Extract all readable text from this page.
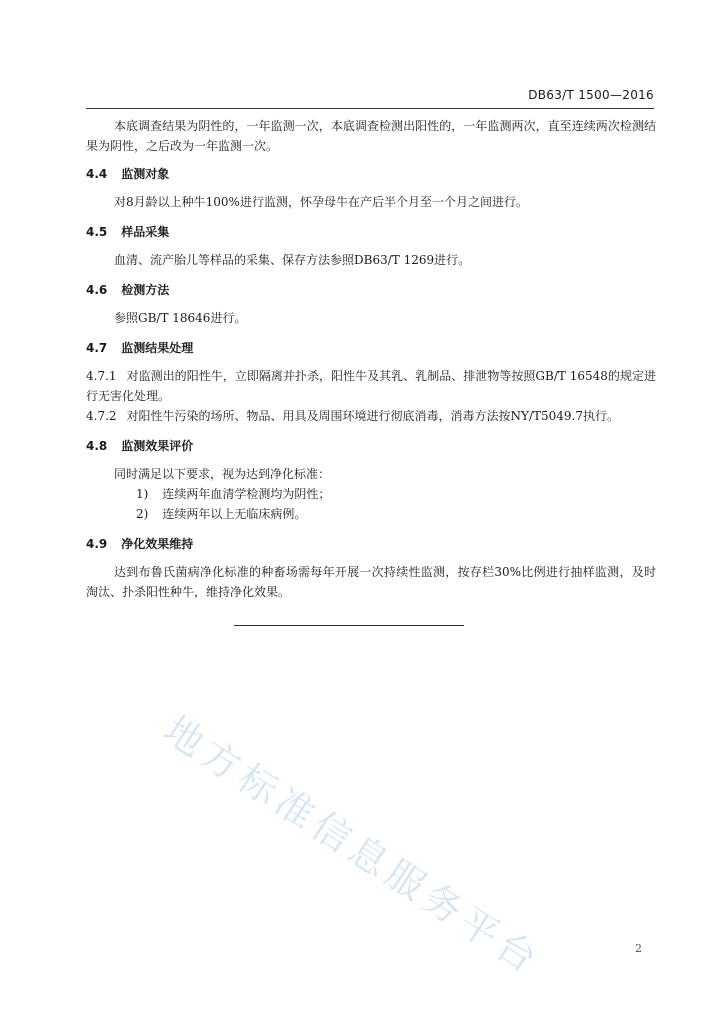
DB63/T 1500—2016

本底调查结果为阴性的，一年监测一次，本底调查检测出阳性的，一年监测两次，直至连续两次检测结果为阴性，之后改为一年监测一次。

4.4 监测对象

对8月龄以上种牛100%进行监测，怀孕母牛在产后半个月至一个月之间进行。

4.5 样品采集

血清、流产胎儿等样品的采集、保存方法参照DB63/T 1269进行。

4.6 检测方法

参照GB/T 18646进行。

4.7 监测结果处理

4.7.1 对监测出的阳性牛，立即隔离并扑杀，阳性牛及其乳、乳制品、排泄物等按照GB/T 16548的规定进行无害化处理。

4.7.2 对阳性牛污染的场所、物品、用具及周围环境进行彻底消毒，消毒方法按NY/T5049.7执行。

4.8 监测效果评价

同时满足以下要求，视为达到净化标准：

1) 连续两年血清学检测均为阴性；

2) 连续两年以上无临床病例。

4.9 净化效果维持

达到布鲁氏菌病净化标准的种畜场需每年开展一次持续性监测，按存栏30%比例进行抽样监测，及时淘汰、扑杀阳性种牛，维持净化效果。

地方标准信息服务平台	2
